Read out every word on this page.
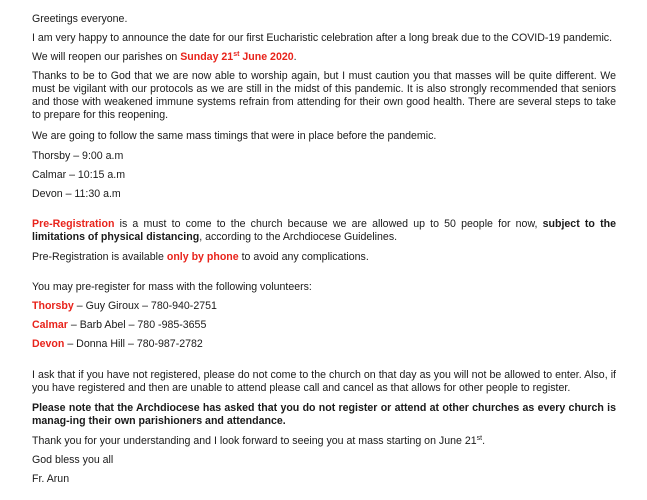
Greetings everyone.

I am very happy to announce the date for our first Eucharistic celebration after a long break due to the COVID-19 pandemic.

We will reopen our parishes on Sunday 21st June 2020.

Thanks to be to God that we are now able to worship again, but I must caution you that masses will be quite different. We must be vigilant with our protocols as we are still in the midst of this pandemic. It is also strongly recommended that seniors and those with weakened immune systems refrain from attending for their own good health. There are several steps to take to prepare for this reopening.

We are going to follow the same mass timings that were in place before the pandemic.

Thorsby – 9:00 a.m

Calmar – 10:15 a.m

Devon – 11:30 a.m

Pre-Registration is a must to come to the church because we are allowed up to 50 people for now, subject to the limitations of physical distancing, according to the Archdiocese Guidelines.

Pre-Registration is available only by phone to avoid any complications.

You may pre-register for mass with the following volunteers:

Thorsby – Guy Giroux – 780-940-2751

Calmar – Barb Abel – 780 -985-3655

Devon – Donna Hill – 780-987-2782

I ask that if you have not registered, please do not come to the church on that day as you will not be allowed to enter. Also, if you have registered and then are unable to attend please call and cancel as that allows for other people to register.

Please note that the Archdiocese has asked that you do not register or attend at other churches as every church is manag-ing their own parishioners and attendance.

Thank you for your understanding and I look forward to seeing you at mass starting on June 21st.

God bless you all

Fr. Arun
